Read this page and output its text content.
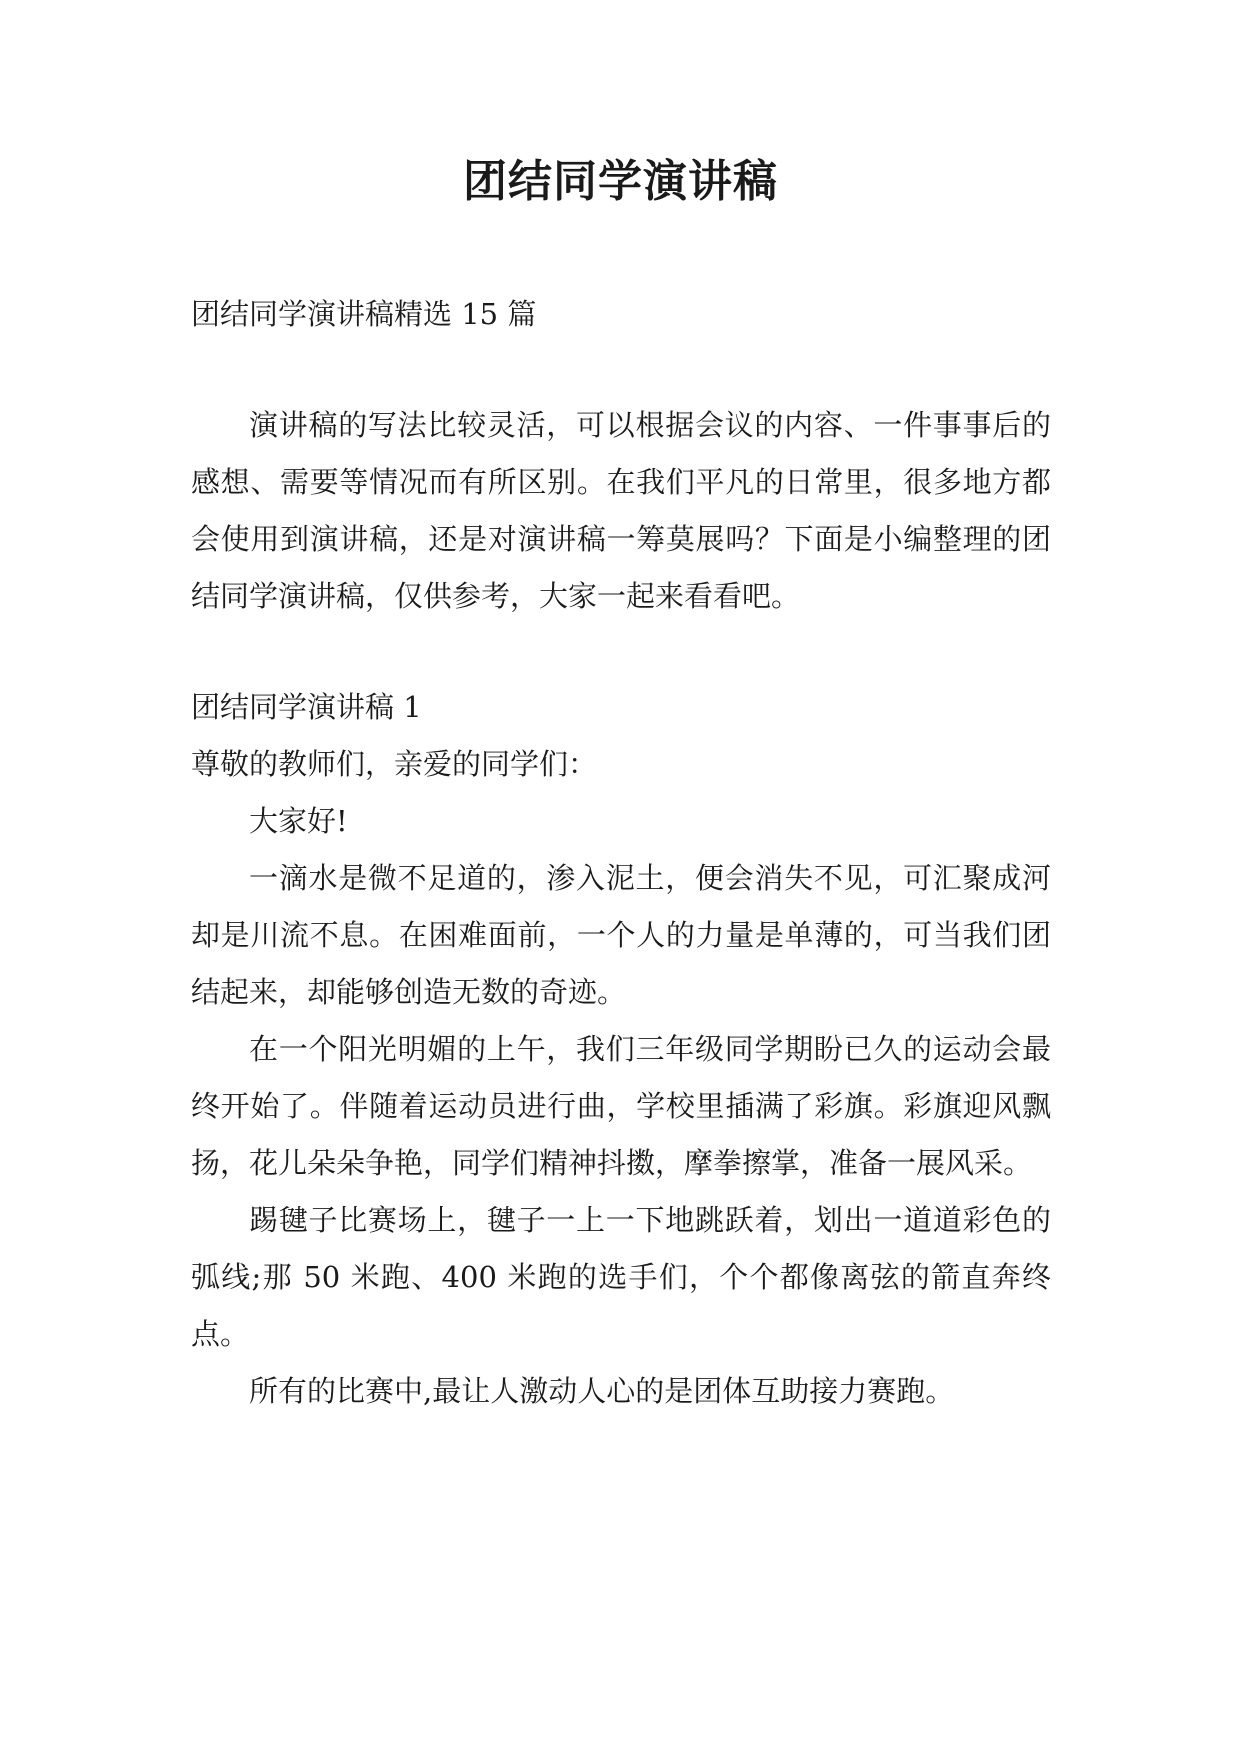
团结同学演讲稿

团结同学演讲稿精选 15 篇

演讲稿的写法比较灵活，可以根据会议的内容、一件事事后的感想、需要等情况而有所区别。在我们平凡的日常里，很多地方都会使用到演讲稿，还是对演讲稿一筹莫展吗？下面是小编整理的团结同学演讲稿，仅供参考，大家一起来看看吧。

团结同学演讲稿 1

尊敬的教师们，亲爱的同学们：

大家好!

一滴水是微不足道的，渗入泥土，便会消失不见，可汇聚成河却是川流不息。在困难面前，一个人的力量是单薄的，可当我们团结起来，却能够创造无数的奇迹。

在一个阳光明媚的上午，我们三年级同学期盼已久的运动会最终开始了。伴随着运动员进行曲，学校里插满了彩旗。彩旗迎风飘扬，花儿朵朵争艳，同学们精神抖擞，摩拳擦掌，准备一展风采。

踢毽子比赛场上，毽子一上一下地跳跃着，划出一道道彩色的弧线;那 50 米跑、400 米跑的选手们，个个都像离弦的箭直奔终点。

所有的比赛中,最让人激动人心的是团体互助接力赛跑。
